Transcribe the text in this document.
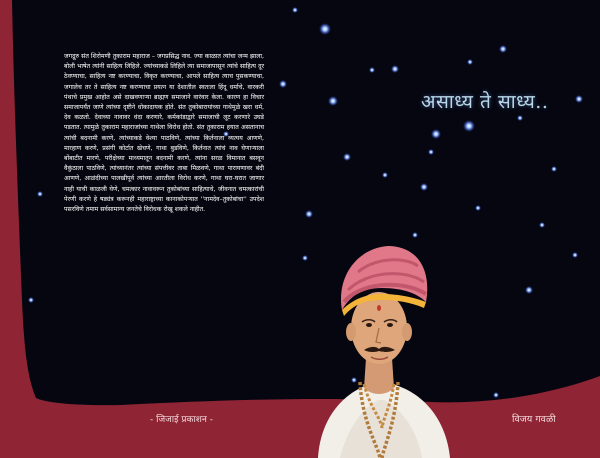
जगद्गुरु संत शिरोमणी तुकाराम महाराज – जगप्रसिद्ध नाव. ज्या काळात त्यांचा जन्म झाला, बोली भाषेत त्यांनी साहित्य लिहिले. ज्यांच्याकडे लिहिले त्या समाजापासून त्यांचे साहित्य दूर ठेवण्याचा, साहित्य नष्ट करण्याचा, विकृत करण्याचा, आपले साहित्य त्याच पुसकण्याचा, जगालेच तर ते साहित्य नष्ट करण्याचा प्रयत्न या देशातील स्वतःला हिंदू धर्माचे, वारकरी पंथाचे प्रमुख आहोत असे दाखवणाऱ्या ब्राह्मण समाजाने वारंवार केला. कारण हा विचार समाजापर्यंत जाणे त्यांच्या दृष्टीने धोकादायक होते. संत तुकोबारायांच्या गाथेमुळे खरा धर्म, देव कळतो. देवाच्या नावावर धंदा करणारे, कर्मकांडाद्वारे समाजाची लूट करणारे उघडे पडतात. त्यामुळे तुकाराम महाराजांच्या गाथेला विरोध होतो. संत तुकाराम हयात असतानाच त्यांची बदनामी करणे, त्यांच्याकडे वेश्या पाठविणे, त्यांच्या किर्तनाला व्यत्यय आणणे, मारहाण करणे, प्रसंगी कोर्टात खेचणे, गाथा बुडविणे, किर्तनात त्यांचं नाव घेणाऱ्याला बोंबाटीत मारणे, परीक्षेच्या माध्यमातून बदनामी करणे, त्यांना सरळ विमानात बसवून वैकुंठाला पाठविणे, त्यांच्यानंतर त्यांच्या संपत्तीवर ताबा मिळवणे, गाथा पारायणावर बंदी आणणे, आळंदीच्या पालखीपूर्व त्यांच्या आरतीला विरोध करणे, गाथा घरा-घरात जाणार नाही याची काळजी घेणे, चमत्कार नावावरून तुकोबांच्या साहित्याचे, जीवनात चमत्कारांची पेरणी करणे हे षड्यंत्र करूनही महाराष्ट्राच्या कानाकोपऱ्यात ''नामदेव–तुकोबांचा'' उपदेश पसरविणे तमाम सर्वसामान्य जनतेचे विरोधक रोखू शकले नाहीत.
असाध्य ते साध्य..
- जिजाई प्रकाशन -	विजय गवळी
